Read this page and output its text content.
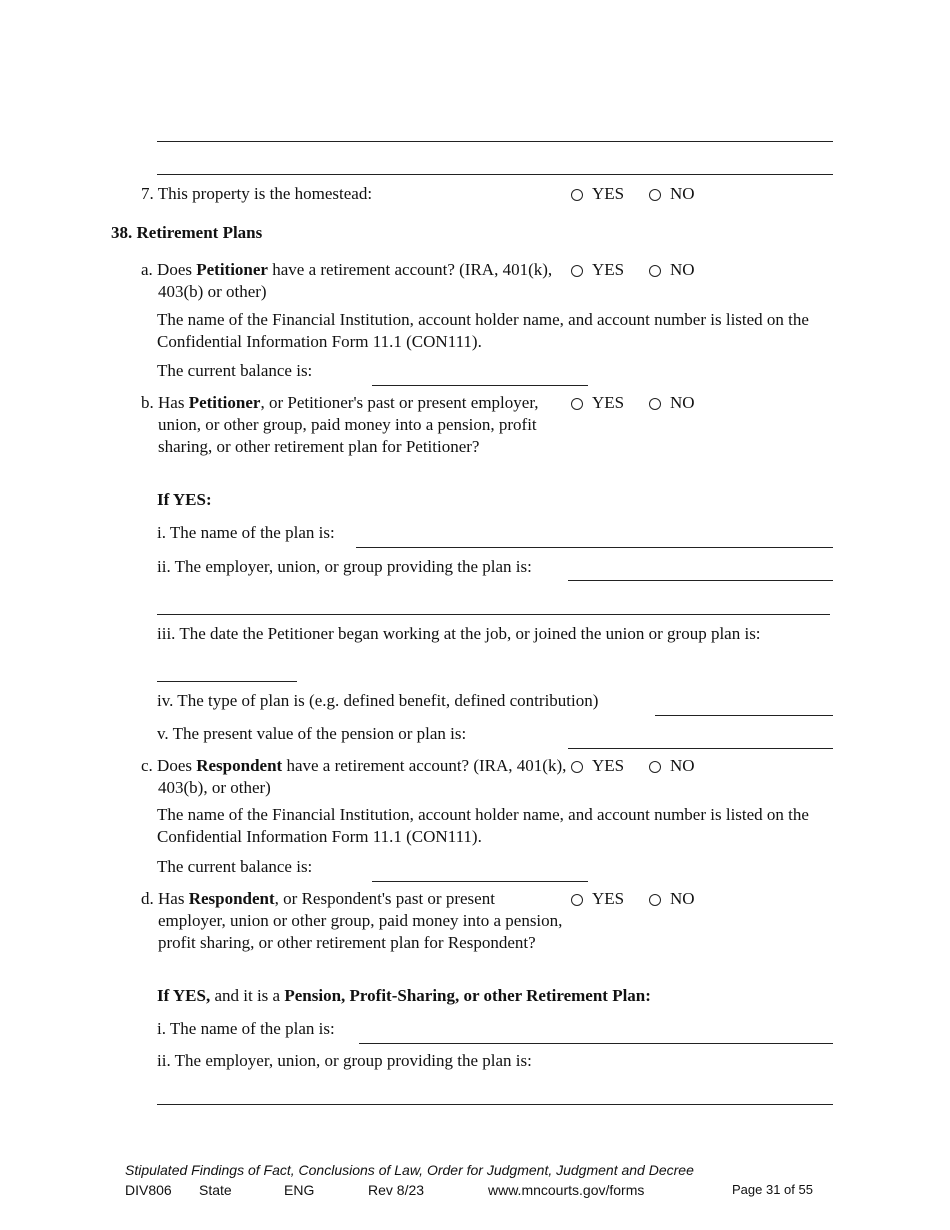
7. This property is the homestead:	YES	NO
38. Retirement Plans
a. Does Petitioner have a retirement account? (IRA, 401(k), 403(b) or other)
YES	NO
The name of the Financial Institution, account holder name, and account number is listed on the Confidential Information Form 11.1 (CON111).
The current balance is:
b. Has Petitioner, or Petitioner's past or present employer, union, or other group, paid money into a pension, profit sharing, or other retirement plan for Petitioner?
YES	NO
If YES:
i. The name of the plan is:
ii. The employer, union, or group providing the plan is:
iii. The date the Petitioner began working at the job, or joined the union or group plan is:
iv. The type of plan is (e.g. defined benefit, defined contribution)
v. The present value of the pension or plan is:
c. Does Respondent have a retirement account? (IRA, 401(k), 403(b), or other)
YES	NO
The name of the Financial Institution, account holder name, and account number is listed on the Confidential Information Form 11.1 (CON111).
The current balance is:
d. Has Respondent, or Respondent's past or present employer, union or other group, paid money into a pension, profit sharing, or other retirement plan for Respondent?
YES	NO
If YES, and it is a Pension, Profit-Sharing, or other Retirement Plan:
i. The name of the plan is:
ii. The employer, union, or group providing the plan is:
Stipulated Findings of Fact, Conclusions of Law, Order for Judgment, Judgment and Decree
DIV806 State	ENG	Rev 8/23	www.mncourts.gov/forms	Page 31 of 55
